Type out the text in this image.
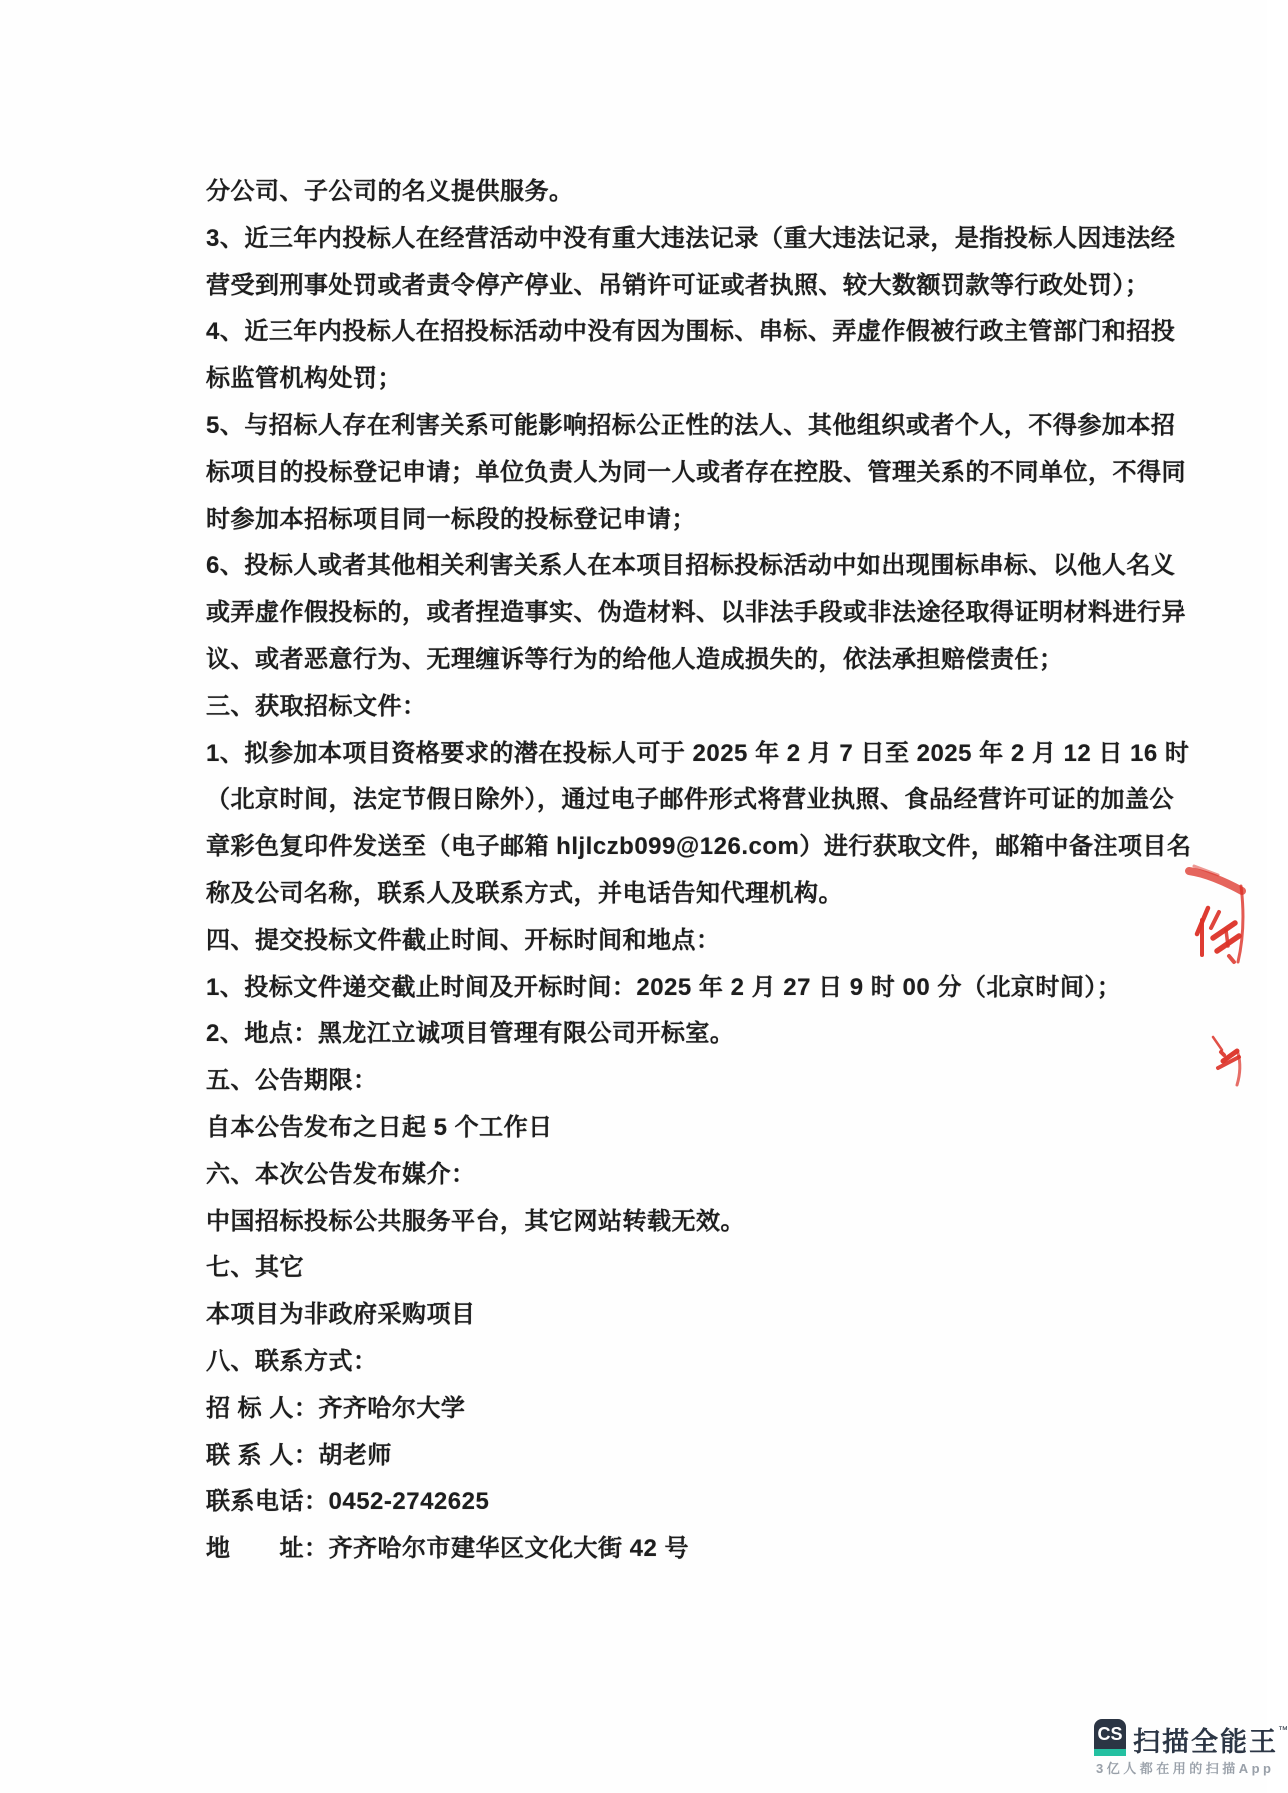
分公司、子公司的名义提供服务。
3、近三年内投标人在经营活动中没有重大违法记录（重大违法记录，是指投标人因违法经
营受到刑事处罚或者责令停产停业、吊销许可证或者执照、较大数额罚款等行政处罚）；
4、近三年内投标人在招投标活动中没有因为围标、串标、弄虚作假被行政主管部门和招投
标监管机构处罚；
5、与招标人存在利害关系可能影响招标公正性的法人、其他组织或者个人，不得参加本招
标项目的投标登记申请；单位负责人为同一人或者存在控股、管理关系的不同单位，不得同
时参加本招标项目同一标段的投标登记申请；
6、投标人或者其他相关利害关系人在本项目招标投标活动中如出现围标串标、以他人名义
或弄虚作假投标的，或者捏造事实、伪造材料、以非法手段或非法途径取得证明材料进行异
议、或者恶意行为、无理缠诉等行为的给他人造成损失的，依法承担赔偿责任；
三、获取招标文件：
1、拟参加本项目资格要求的潜在投标人可于 2025 年 2 月 7 日至 2025 年 2 月 12 日 16 时
（北京时间，法定节假日除外），通过电子邮件形式将营业执照、食品经营许可证的加盖公
章彩色复印件发送至（电子邮箱 hljlczb099@126.com）进行获取文件，邮箱中备注项目名
称及公司名称，联系人及联系方式，并电话告知代理机构。
四、提交投标文件截止时间、开标时间和地点：
1、投标文件递交截止时间及开标时间：2025 年 2 月 27 日 9 时 00 分（北京时间）；
2、地点：黑龙江立诚项目管理有限公司开标室。
五、公告期限：
自本公告发布之日起 5 个工作日
六、本次公告发布媒介：
中国招标投标公共服务平台，其它网站转载无效。
七、其它
本项目为非政府采购项目
八、联系方式：
招 标 人：齐齐哈尔大学
联 系 人：胡老师
联系电话：0452-2742625
地　　址：齐齐哈尔市建华区文化大街 42 号
CS 扫描全能王™
3亿人都在用的扫描App
